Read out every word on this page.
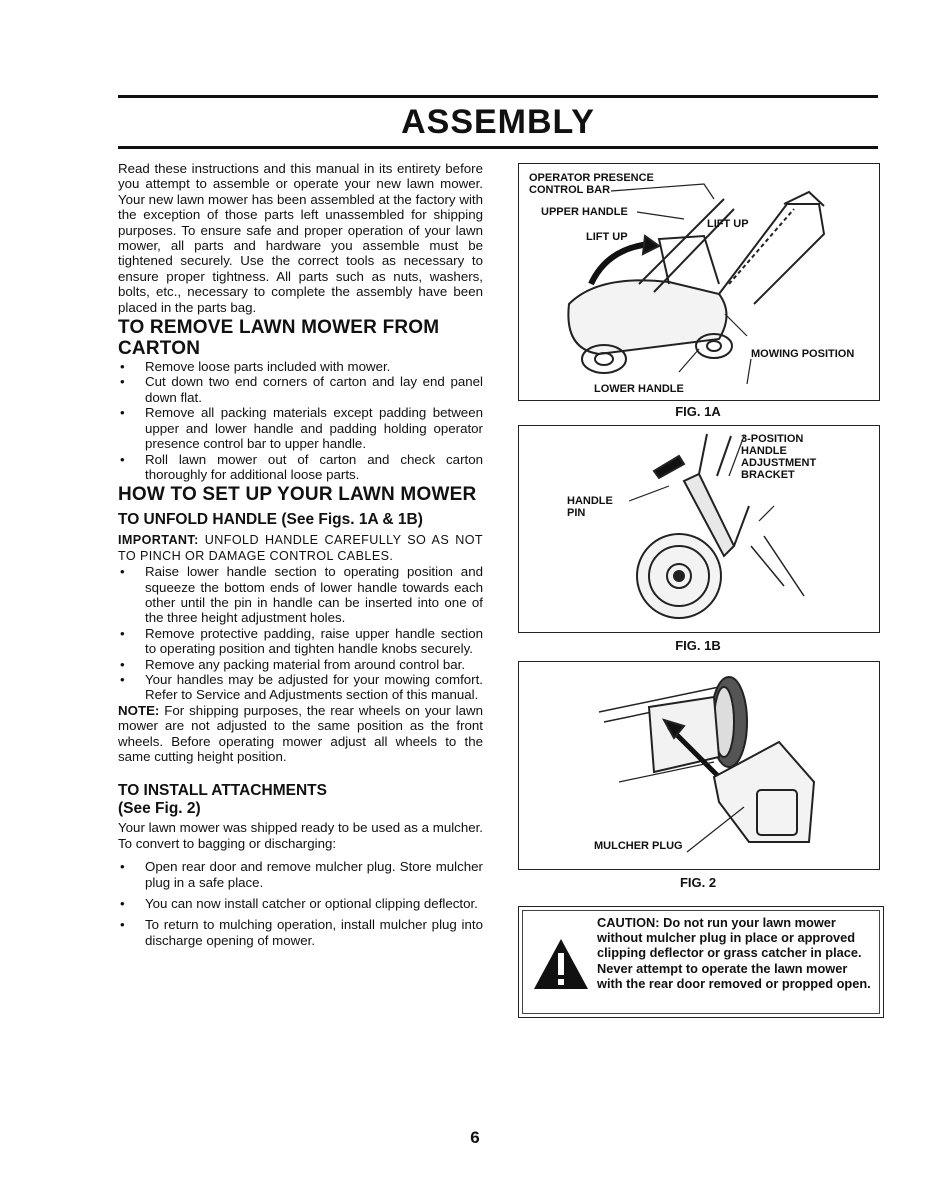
ASSEMBLY

Read these instructions and this manual in its entirety before you attempt to assemble or operate your new lawn mower. Your new lawn mower has been assembled at the factory with the exception of those parts left unassembled for shipping purposes. To ensure safe and proper operation of your lawn mower, all parts and hardware you assemble must be tightened securely. Use the correct tools as necessary to ensure proper tightness. All parts such as nuts, washers, bolts, etc., necessary to complete the assembly have been placed in the parts bag.

TO REMOVE LAWN MOWER FROM CARTON
• Remove loose parts included with mower.
• Cut down two end corners of carton and lay end panel down flat.
• Remove all packing materials except padding between upper and lower handle and padding holding operator presence control bar to upper handle.
• Roll lawn mower out of carton and check carton thoroughly for additional loose parts.
HOW TO SET UP YOUR LAWN MOWER
TO UNFOLD HANDLE (See Figs. 1A & 1B)

IMPORTANT: UNFOLD HANDLE CAREFULLY SO AS NOT TO PINCH OR DAMAGE CONTROL CABLES.

• Raise lower handle section to operating position and squeeze the bottom ends of lower handle towards each other until the pin in handle can be inserted into one of the three height adjustment holes.
• Remove protective padding, raise upper handle section to operating position and tighten handle knobs securely.
• Remove any packing material from around control bar.
• Your handles may be adjusted for your mowing comfort. Refer to Service and Adjustments section of this manual.

NOTE: For shipping purposes, the rear wheels on your lawn mower are not adjusted to the same position as the front wheels. Before operating mower adjust all wheels to the same cutting height position.

TO INSTALL ATTACHMENTS
(See Fig. 2)

Your lawn mower was shipped ready to be used as a mulcher. To convert to bagging or discharging:

• Open rear door and remove mulcher plug. Store mulcher plug in a safe place.
• You can now install catcher or optional clipping deflector.
• To return to mulching operation, install mulcher plug into discharge opening of mower.
OPERATOR PRESENCE
CONTROL BAR
UPPER HANDLE
LIFT UP
LIFT UP
MOWING POSITION
LOWER HANDLE
FIG. 1A
3-POSITION
HANDLE
ADJUSTMENT
BRACKET
HANDLE
PIN
FIG. 1B
MULCHER PLUG
FIG. 2
CAUTION: Do not run your lawn mower without mulcher plug in place or approved clipping deflector or grass catcher in place. Never attempt to operate the lawn mower with the rear door removed or propped open.
6
